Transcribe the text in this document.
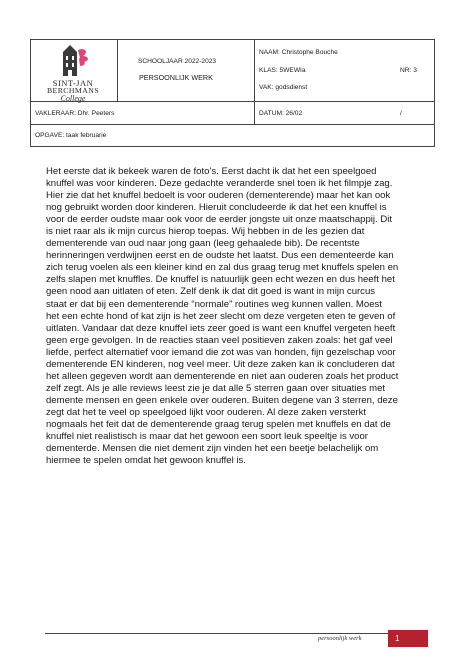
SINT-JAN
BERCHMANS
College
SCHOOLJAAR 2022-2023
PERSOONLIJK WERK
NAAM: Christophe Bouche
KLAS: 5WEWIa	NR: 3
VAK: godsdienst
VAKLERAAR: Dhr. Peeters	DATUM: 26/02	/
OPGAVE: taak februarie
Het eerste dat ik bekeek waren de foto’s. Eerst dacht ik dat het een speelgoed
knuffel was voor kinderen. Deze gedachte veranderde snel toen ik het filmpje zag.
Hier zie dat het knuffel bedoelt is voor ouderen (dementerende) maar het kan ook
nog gebruikt worden door kinderen. Hieruit concludeerde ik dat het een knuffel is
voor de eerder oudste maar ook voor de eerder jongste uit onze maatschappij. Dit
is niet raar als ik mijn curcus hierop toepas. Wij hebben in de les gezien dat
dementerende van oud naar jong gaan (leeg gehaalede bib). De recentste
herinneringen verdwijnen eerst en de oudste het laatst. Dus een dementeerde kan
zich terug voelen als een kleiner kind en zal dus graag terug met knuffels spelen en
zelfs slapen met knuffles. De knuffel is natuurlijk geen echt wezen en dus heeft het
geen nood aan uitlaten of eten. Zelf denk ik dat dit goed is want in mijn curcus
staat er dat bij een dementerende “normale” routines weg kunnen vallen. Moest
het een echte hond of kat zijn is het zeer slecht om deze vergeten eten te geven of
uitlaten. Vandaar dat deze knuffel iets zeer goed is want een knuffel vergeten heeft
geen erge gevolgen. In de reacties staan veel positieven zaken zoals: het gaf veel
liefde, perfect alternatief voor iemand die zot was van honden, fijn gezelschap voor
dementerende EN kinderen, nog veel meer. Uit deze zaken kan ik concluderen dat
het alleen gegeven wordt aan dementerende en niet aan ouderen zoals het product
zelf zegt. Als je alle reviews leest zie je dat alle 5 sterren gaan over situaties met
demente mensen en geen enkele over ouderen. Buiten degene van 3 sterren, deze
zegt dat het te veel op speelgoed lijkt voor ouderen. Al deze zaken versterkt
nogmaals het feit dat de dementerende graag terug spelen met knuffels en dat de
knuffel niet realistisch is maar dat het gewoon een soort leuk speeltje is voor
dementerde. Mensen die niet dement zijn vinden het een beetje belachelijk om
hiermee te spelen omdat het gewoon knuffel is.
persoonlijk werk	1
